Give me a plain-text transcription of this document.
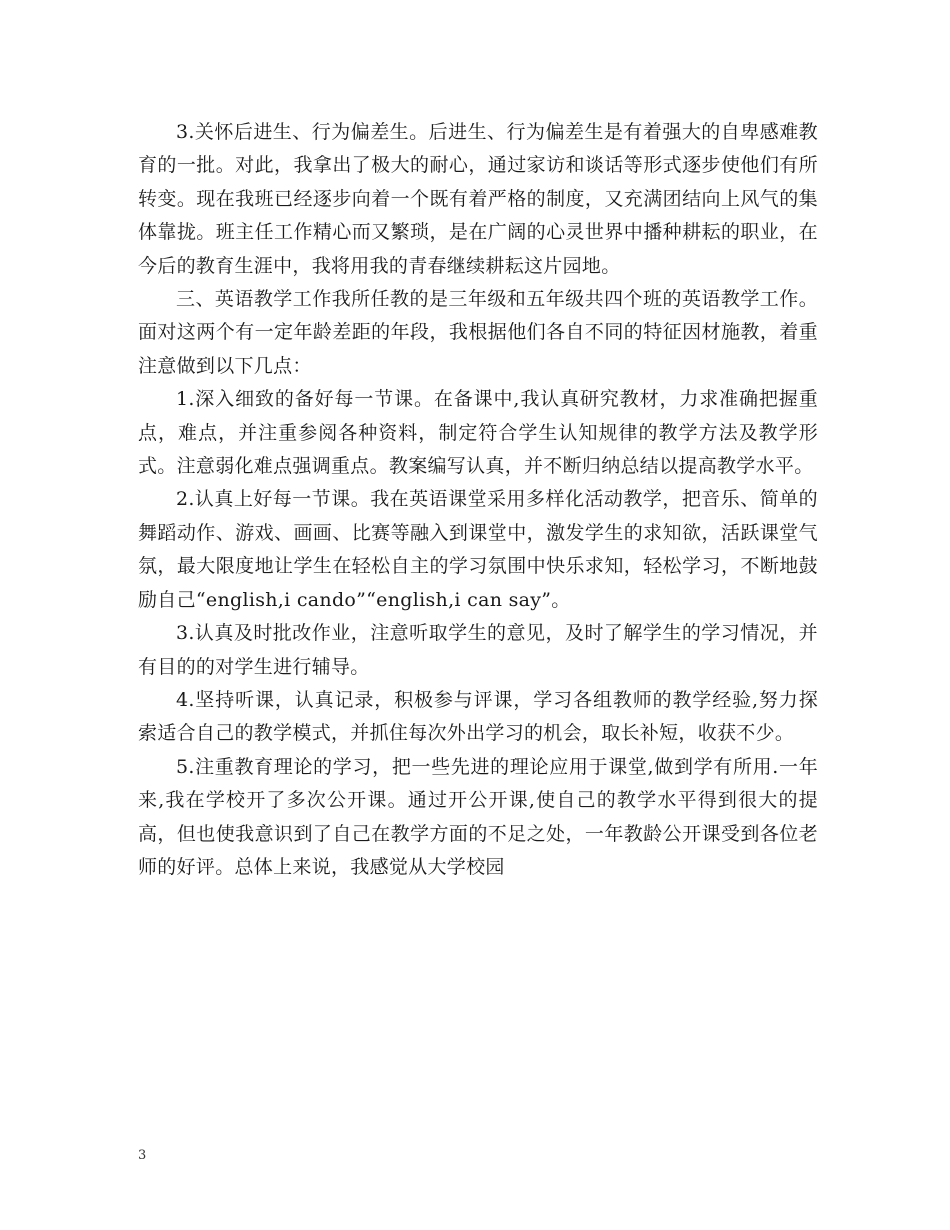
3.关怀后进生、行为偏差生。后进生、行为偏差生是有着强大的自卑感难教育的一批。对此，我拿出了极大的耐心，通过家访和谈话等形式逐步使他们有所转变。现在我班已经逐步向着一个既有着严格的制度，又充满团结向上风气的集体靠拢。班主任工作精心而又繁琐，是在广阔的心灵世界中播种耕耘的职业，在今后的教育生涯中，我将用我的青春继续耕耘这片园地。

三、英语教学工作我所任教的是三年级和五年级共四个班的英语教学工作。面对这两个有一定年龄差距的年段，我根据他们各自不同的特征因材施教，着重注意做到以下几点：

1.深入细致的备好每一节课。在备课中,我认真研究教材，力求准确把握重点，难点，并注重参阅各种资料，制定符合学生认知规律的教学方法及教学形式。注意弱化难点强调重点。教案编写认真，并不断归纳总结以提高教学水平。

2.认真上好每一节课。我在英语课堂采用多样化活动教学，把音乐、简单的舞蹈动作、游戏、画画、比赛等融入到课堂中，激发学生的求知欲，活跃课堂气氛，最大限度地让学生在轻松自主的学习氛围中快乐求知，轻松学习，不断地鼓励自己“english,i cando”“english,i can say”。

3.认真及时批改作业，注意听取学生的意见，及时了解学生的学习情况，并有目的的对学生进行辅导。

4.坚持听课，认真记录，积极参与评课，学习各组教师的教学经验,努力探索适合自己的教学模式，并抓住每次外出学习的机会，取长补短，收获不少。

5.注重教育理论的学习，把一些先进的理论应用于课堂,做到学有所用.一年来,我在学校开了多次公开课。通过开公开课,使自己的教学水平得到很大的提高，但也使我意识到了自己在教学方面的不足之处，一年教龄公开课受到各位老师的好评。总体上来说，我感觉从大学校园

3
